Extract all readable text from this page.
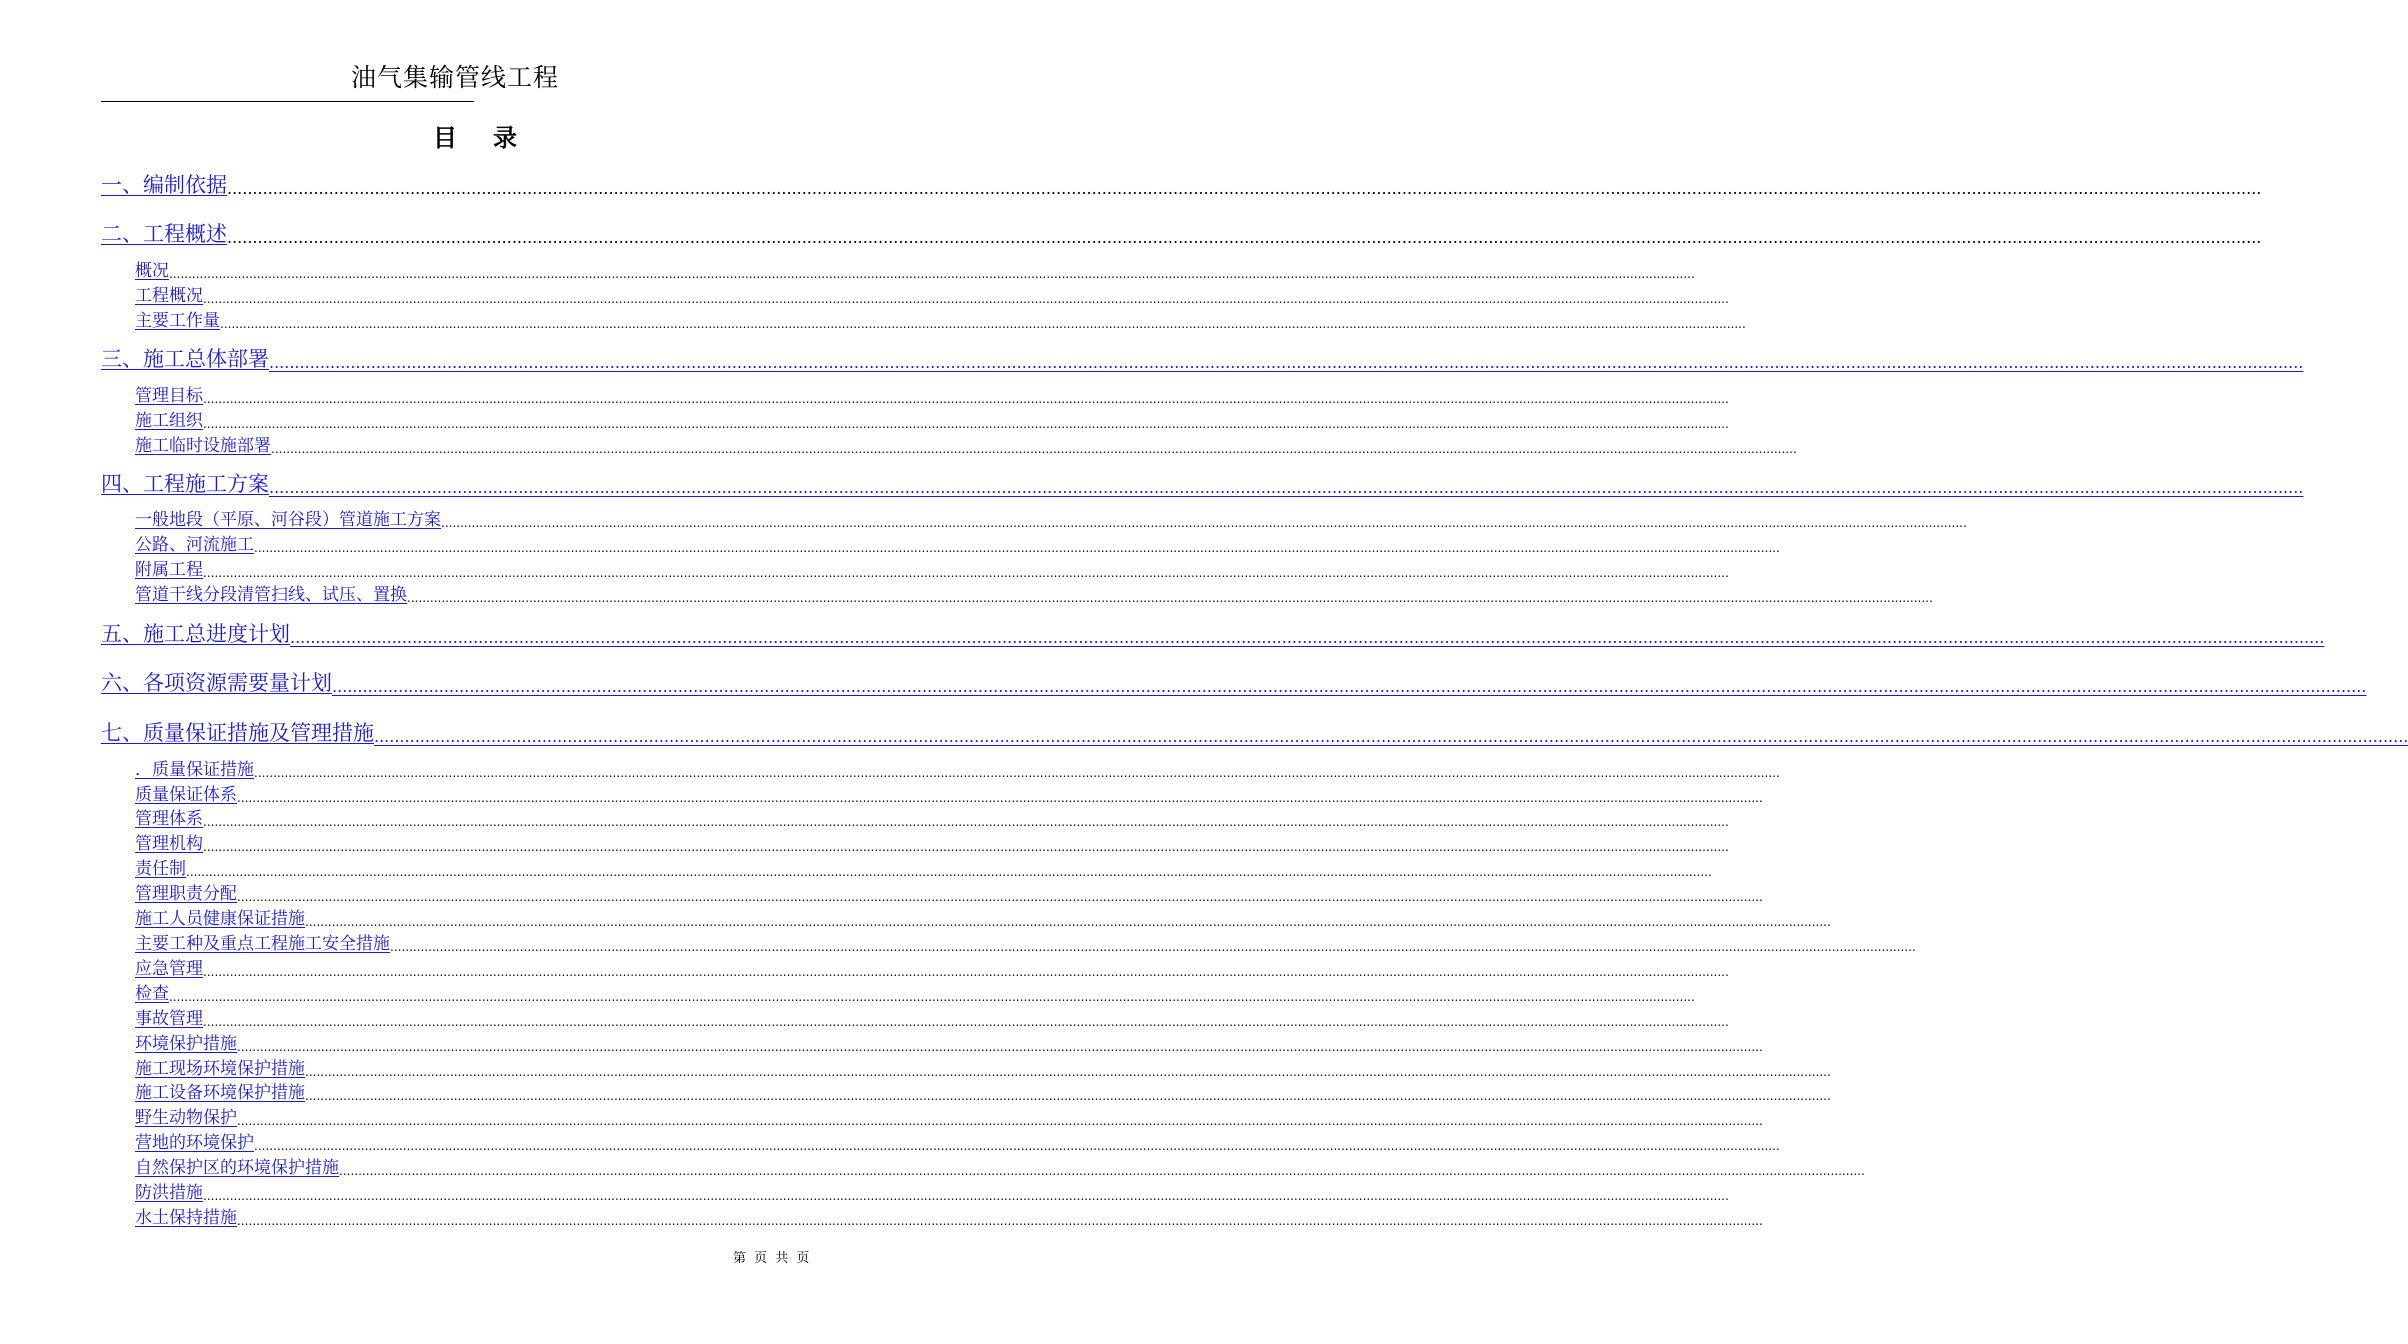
油气集输管线工程
目 录
一、编制依据 ................................................................................................................................................................................................................................................................................................................................................................................................................
二、工程概述 ................................................................................................................................................................................................................................................................................................................................................................................................................
概况 ................................................................................................................................................................................................................................................................................................................................................................................................................
工程概况 ................................................................................................................................................................................................................................................................................................................................................................................................................
主要工作量 ................................................................................................................................................................................................................................................................................................................................................................................................................
三、施工总体部署 ................................................................................................................................................................................................................................................................................................................................................................................................................
管理目标 ................................................................................................................................................................................................................................................................................................................................................................................................................
施工组织 ................................................................................................................................................................................................................................................................................................................................................................................................................
施工临时设施部署 ................................................................................................................................................................................................................................................................................................................................................................................................................
四、工程施工方案 ................................................................................................................................................................................................................................................................................................................................................................................................................
一般地段（平原、河谷段）管道施工方案 ................................................................................................................................................................................................................................................................................................................................................................................................................
公路、河流施工 ................................................................................................................................................................................................................................................................................................................................................................................................................
附属工程 ................................................................................................................................................................................................................................................................................................................................................................................................................
管道干线分段清管扫线、试压、置换 ................................................................................................................................................................................................................................................................................................................................................................................................................
五、施工总进度计划 ................................................................................................................................................................................................................................................................................................................................................................................................................
六、各项资源需要量计划 ................................................................................................................................................................................................................................................................................................................................................................................................................
七、质量保证措施及管理措施 ................................................................................................................................................................................................................................................................................................................................................................................................................
．质量保证措施 ................................................................................................................................................................................................................................................................................................................................................................................................................
质量保证体系 ................................................................................................................................................................................................................................................................................................................................................................................................................
管理体系 ................................................................................................................................................................................................................................................................................................................................................................................................................
管理机构 ................................................................................................................................................................................................................................................................................................................................................................................................................
责任制 ................................................................................................................................................................................................................................................................................................................................................................................................................
管理职责分配 ................................................................................................................................................................................................................................................................................................................................................................................................................
施工人员健康保证措施 ................................................................................................................................................................................................................................................................................................................................................................................................................
主要工种及重点工程施工安全措施 ................................................................................................................................................................................................................................................................................................................................................................................................................
应急管理 ................................................................................................................................................................................................................................................................................................................................................................................................................
检查 ................................................................................................................................................................................................................................................................................................................................................................................................................
事故管理 ................................................................................................................................................................................................................................................................................................................................................................................................................
环境保护措施 ................................................................................................................................................................................................................................................................................................................................................................................................................
施工现场环境保护措施 ................................................................................................................................................................................................................................................................................................................................................................................................................
施工设备环境保护措施 ................................................................................................................................................................................................................................................................................................................................................................................................................
野生动物保护 ................................................................................................................................................................................................................................................................................................................................................................................................................
营地的环境保护 ................................................................................................................................................................................................................................................................................................................................................................................................................
自然保护区的环境保护措施 ................................................................................................................................................................................................................................................................................................................................................................................................................
防洪措施 ................................................................................................................................................................................................................................................................................................................................................................................................................
水土保持措施 ................................................................................................................................................................................................................................................................................................................................................................................................................
第 页 共 页
